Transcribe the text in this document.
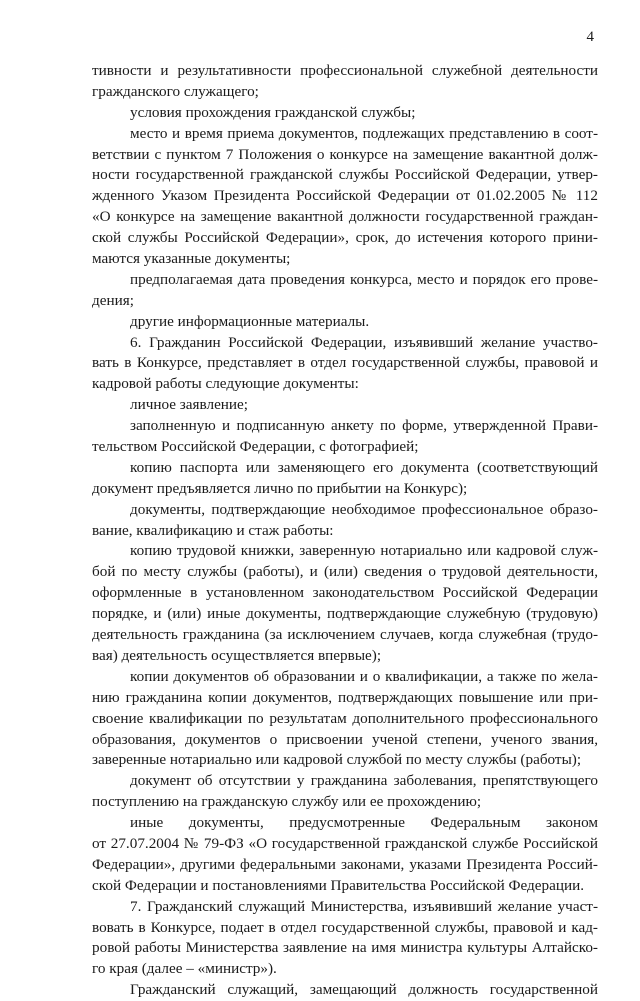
4
тивности и результативности профессиональной служебной деятельности
гражданского служащего;
условия прохождения гражданской службы;
место и время приема документов, подлежащих представлению в соот-
ветствии с пунктом 7 Положения о конкурсе на замещение вакантной долж-
ности государственной гражданской службы Российской Федерации, утвер-
жденного Указом Президента Российской Федерации от 01.02.2005 № 112
«О конкурсе на замещение вакантной должности государственной граждан-
ской службы Российской Федерации», срок, до истечения которого прини-
маются указанные документы;
предполагаемая дата проведения конкурса, место и порядок его прове-
дения;
другие информационные материалы.
6. Гражданин Российской Федерации, изъявивший желание участво-
вать в Конкурсе, представляет в отдел государственной службы, правовой и
кадровой работы следующие документы:
личное заявление;
заполненную и подписанную анкету по форме, утвержденной Прави-
тельством Российской Федерации, с фотографией;
копию паспорта или заменяющего его документа (соответствующий
документ предъявляется лично по прибытии на Конкурс);
документы, подтверждающие необходимое профессиональное образо-
вание, квалификацию и стаж работы:
копию трудовой книжки, заверенную нотариально или кадровой служ-
бой по месту службы (работы), и (или) сведения о трудовой деятельности,
оформленные в установленном законодательством Российской Федерации
порядке, и (или) иные документы, подтверждающие служебную (трудовую)
деятельность гражданина (за исключением случаев, когда служебная (трудо-
вая) деятельность осуществляется впервые);
копии документов об образовании и о квалификации, а также по жела-
нию гражданина копии документов, подтверждающих повышение или при-
своение квалификации по результатам дополнительного профессионального
образования, документов о присвоении ученой степени, ученого звания,
заверенные нотариально или кадровой службой по месту службы (работы);
документ об отсутствии у гражданина заболевания, препятствующего
поступлению на гражданскую службу или ее прохождению;
иные документы, предусмотренные Федеральным законом
от 27.07.2004 № 79-ФЗ «О государственной гражданской службе Российской
Федерации», другими федеральными законами, указами Президента Россий-
ской Федерации и постановлениями Правительства Российской Федерации.
7. Гражданский служащий Министерства, изъявивший желание участ-
вовать в Конкурсе, подает в отдел государственной службы, правовой и кад-
ровой работы Министерства заявление на имя министра культуры Алтайско-
го края (далее – «министр»).
Гражданский служащий, замещающий должность государственной
